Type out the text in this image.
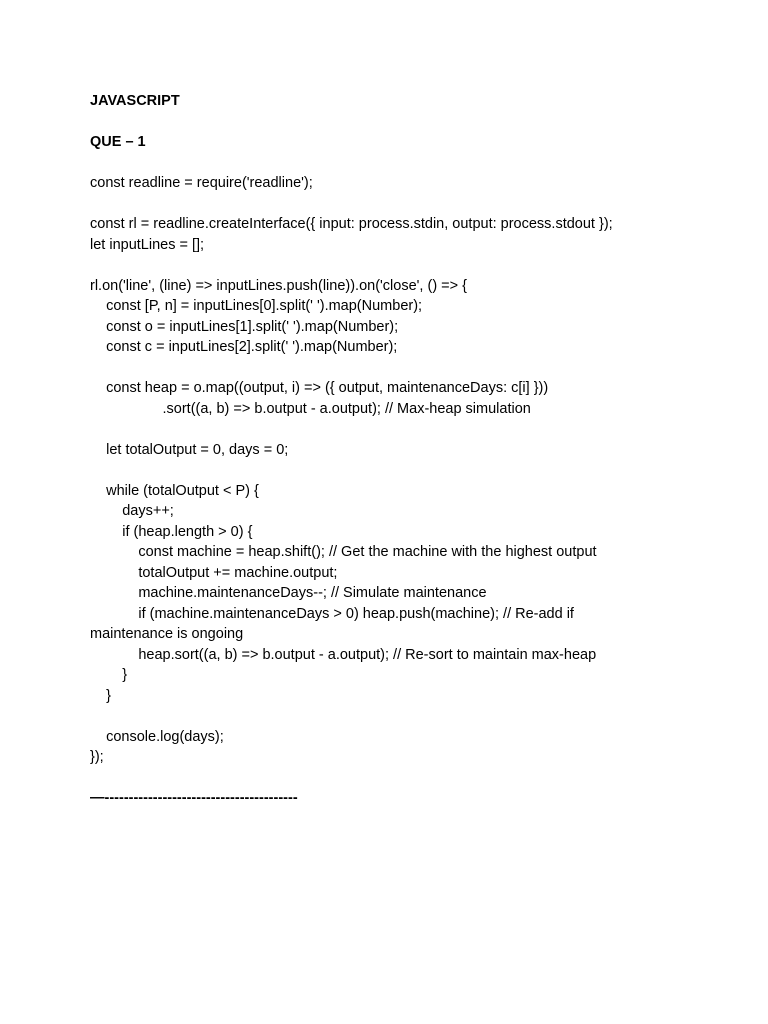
JAVASCRIPT
QUE – 1
const readline = require('readline');
const rl = readline.createInterface({ input: process.stdin, output: process.stdout });
let inputLines = [];
rl.on('line', (line) => inputLines.push(line)).on('close', () => {
const [P, n] = inputLines[0].split(' ').map(Number);
const o = inputLines[1].split(' ').map(Number);
const c = inputLines[2].split(' ').map(Number);
const heap = o.map((output, i) => ({ output, maintenanceDays: c[i] }))
.sort((a, b) => b.output - a.output); // Max-heap simulation
let totalOutput = 0, days = 0;
while (totalOutput < P) {
days++;
if (heap.length > 0) {
const machine = heap.shift(); // Get the machine with the highest output
totalOutput += machine.output;
machine.maintenanceDays--; // Simulate maintenance
if (machine.maintenanceDays > 0) heap.push(machine); // Re-add if
maintenance is ongoing
heap.sort((a, b) => b.output - a.output); // Re-sort to maintain max-heap
}
}
console.log(days);
});
—----------------------------------------
